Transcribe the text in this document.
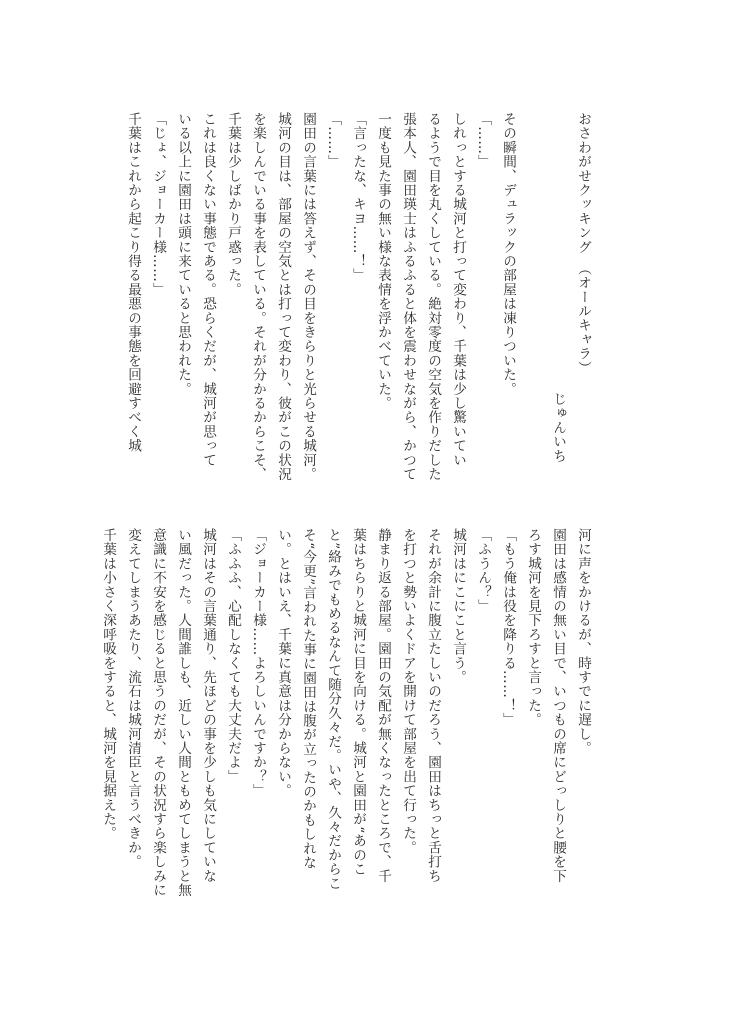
おさわがせクッキング　（オールキャラ）

じゅんいち

その瞬間、デュラックの部屋は凍りついた。

「……」

しれっとする城河と打って変わり、千葉は少し驚いてい

るようで目を丸くしている。絶対零度の空気を作りだした

張本人、園田瑛士はふるふると体を震わせながら、かつて

一度も見た事の無い様な表情を浮かべていた。

「言ったな、キヨ……！」

「……」

園田の言葉には答えず、その目をきらりと光らせる城河。

城河の目は、部屋の空気とは打って変わり、彼がこの状況

を楽しんでいる事を表している。それが分かるからこそ、

千葉は少しばかり戸惑った。

これは良くない事態である。恐らくだが、城河が思って

いる以上に園田は頭に来ていると思われた。

「じょ、ジョーカー様……」

千葉はこれから起こり得る最悪の事態を回避すべく城

河に声をかけるが、時すでに遅し。

園田は感情の無い目で、いつもの席にどっしりと腰を下

ろす城河を見下ろすと言った。

「もう俺は役を降りる……！」

「ふうん？」

城河はにこにこと言う。

それが余計に腹立たしいのだろう、園田はちっと舌打ち

を打つと勢いよくドアを開けて部屋を出て行った。

静まり返る部屋。園田の気配が無くなったところで、千

葉はちらりと城河に目を向ける。城河と園田が“あのこ

と”絡みでもめるなんて随分久々だ。いや、久々だからこ

そ“今更”言われた事に園田は腹が立ったのかもしれな

い。とはいえ、千葉に真意は分からない。

「ジョーカー様……よろしいんですか？」

「ふふふ、心配しなくても大丈夫だよ」

城河はその言葉通り、先ほどの事を少しも気にしていな

い風だった。人間誰しも、近しい人間ともめてしまうと無

意識に不安を感じると思うのだが、その状況すら楽しみに

変えてしまうあたり、流石は城河清臣と言うべきか。

千葉は小さく深呼吸をすると、城河を見据えた。
